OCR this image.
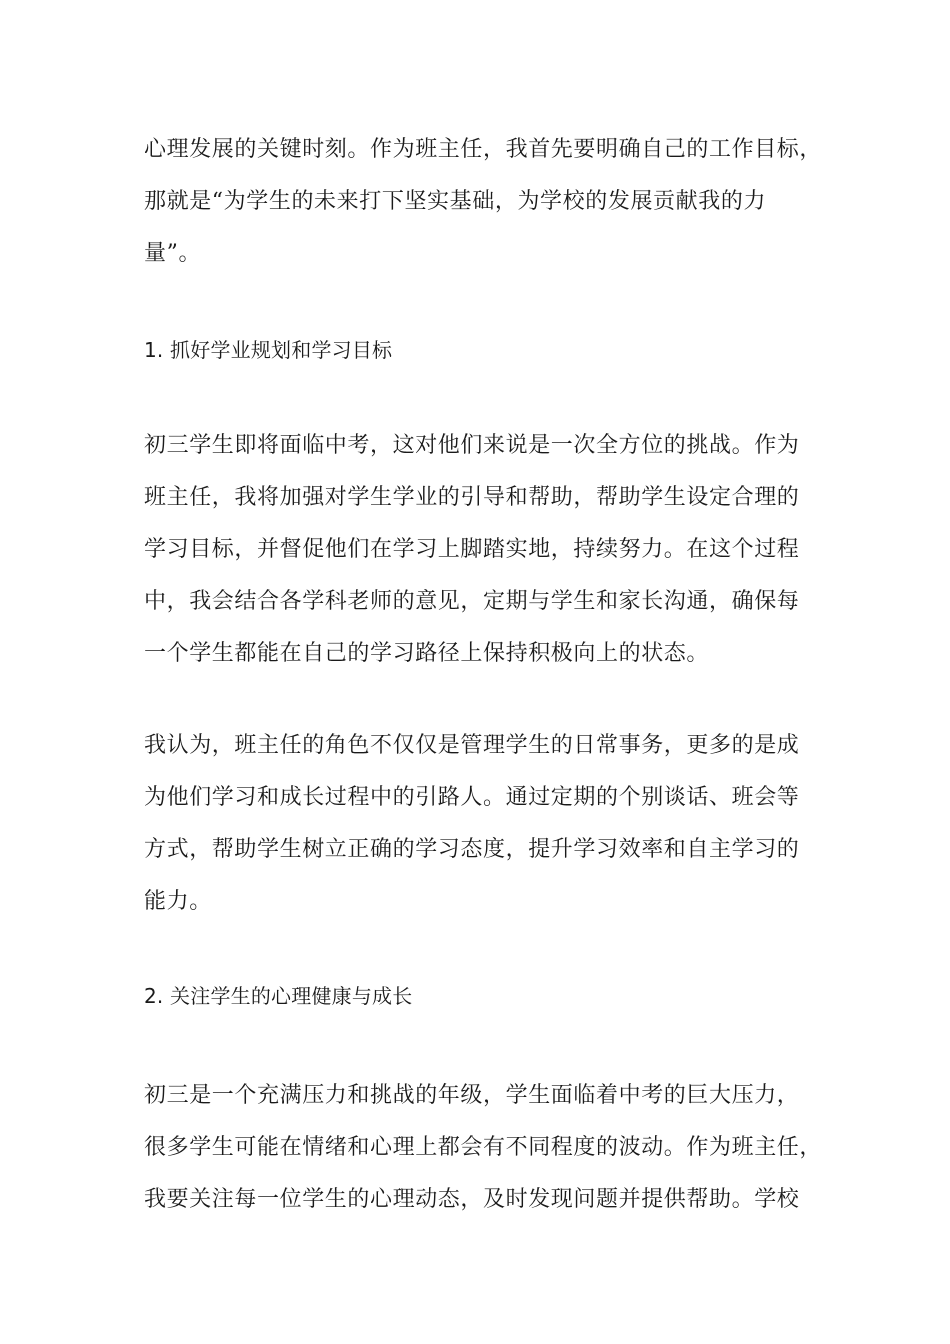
心理发展的关键时刻。作为班主任，我首先要明确自己的工作目标，
那就是“为学生的未来打下坚实基础，为学校的发展贡献我的力
量”。

1. 抓好学业规划和学习目标

初三学生即将面临中考，这对他们来说是一次全方位的挑战。作为
班主任，我将加强对学生学业的引导和帮助，帮助学生设定合理的
学习目标，并督促他们在学习上脚踏实地，持续努力。在这个过程
中，我会结合各学科老师的意见，定期与学生和家长沟通，确保每
一个学生都能在自己的学习路径上保持积极向上的状态。

我认为，班主任的角色不仅仅是管理学生的日常事务，更多的是成
为他们学习和成长过程中的引路人。通过定期的个别谈话、班会等
方式，帮助学生树立正确的学习态度，提升学习效率和自主学习的
能力。

2. 关注学生的心理健康与成长

初三是一个充满压力和挑战的年级，学生面临着中考的巨大压力，
很多学生可能在情绪和心理上都会有不同程度的波动。作为班主任，
我要关注每一位学生的心理动态，及时发现问题并提供帮助。学校
